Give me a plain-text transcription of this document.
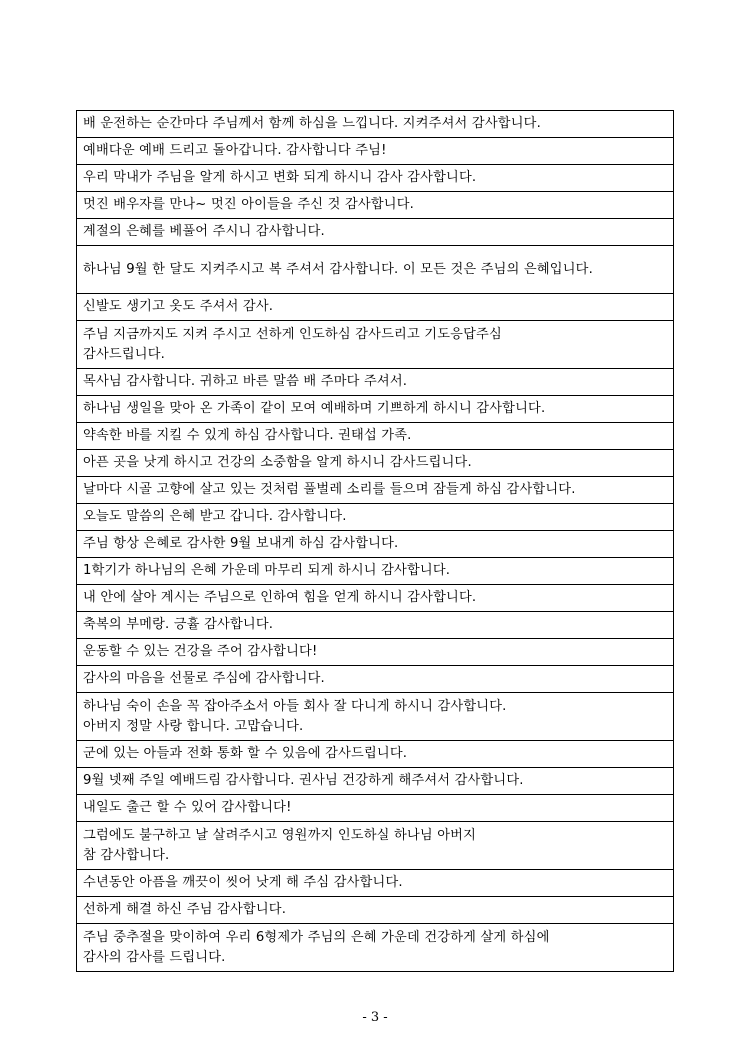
배 운전하는 순간마다 주님께서 함께 하심을 느낍니다. 지켜주셔서 감사합니다.
예배다운 예배 드리고 돌아갑니다. 감사합니다 주님!
우리 막내가 주님을 알게 하시고 변화 되게 하시니 감사 감사합니다.
멋진 배우자를 만나~ 멋진 아이들을 주신 것 감사합니다.
계절의 은혜를 베풀어 주시니 감사합니다.
하나님 9월 한 달도 지켜주시고 복 주셔서 감사합니다. 이 모든 것은 주님의 은혜입니다.
신발도 생기고 옷도 주셔서 감사.
주님 지금까지도 지켜 주시고 선하게 인도하심 감사드리고 기도응답주심
감사드립니다.
목사님 감사합니다. 귀하고 바른 말씀 배 주마다 주셔서.
하나님 생일을 맞아 온 가족이 같이 모여 예배하며 기쁘하게 하시니 감사합니다.
약속한 바를 지킬 수 있게 하심 감사합니다. 권태섭 가족.
아픈 곳을 낫게 하시고 건강의 소중함을 알게 하시니 감사드립니다.
날마다 시골 고향에 살고 있는 것처럼 풀벌레 소리를 들으며 잠들게 하심 감사합니다.
오늘도 말씀의 은혜 받고 갑니다. 감사합니다.
주님 항상 은혜로 감사한 9월 보내게 하심 감사합니다.
1학기가 하나님의 은혜 가운데 마무리 되게 하시니 감사합니다.
내 안에 살아 계시는 주님으로 인하여 힘을 얻게 하시니 감사합니다.
축복의 부메랑. 긍휼 감사합니다.
운동할 수 있는 건강을 주어 감사합니다!
감사의 마음을 선물로 주심에 감사합니다.
하나님 숙이 손을 꼭 잡아주소서 아들 회사 잘 다니게 하시니 감사합니다.
아버지 정말 사랑 합니다. 고맙습니다.
군에 있는 아들과 전화 통화 할 수 있음에 감사드립니다.
9월 넷째 주일 예배드림 감사합니다. 권사님 건강하게 해주셔서 감사합니다.
내일도 출근 할 수 있어 감사합니다!
그럼에도 불구하고 날 살려주시고 영원까지 인도하실 하나님 아버지
참 감사합니다.
수년동안 아픔을 깨끗이 씻어 낫게 해 주심 감사합니다.
선하게 해결 하신 주님 감사합니다.
주님 중추절을 맞이하여 우리 6형제가 주님의 은혜 가운데 건강하게 살게 하심에
감사의 감사를 드립니다.
- 3 -
